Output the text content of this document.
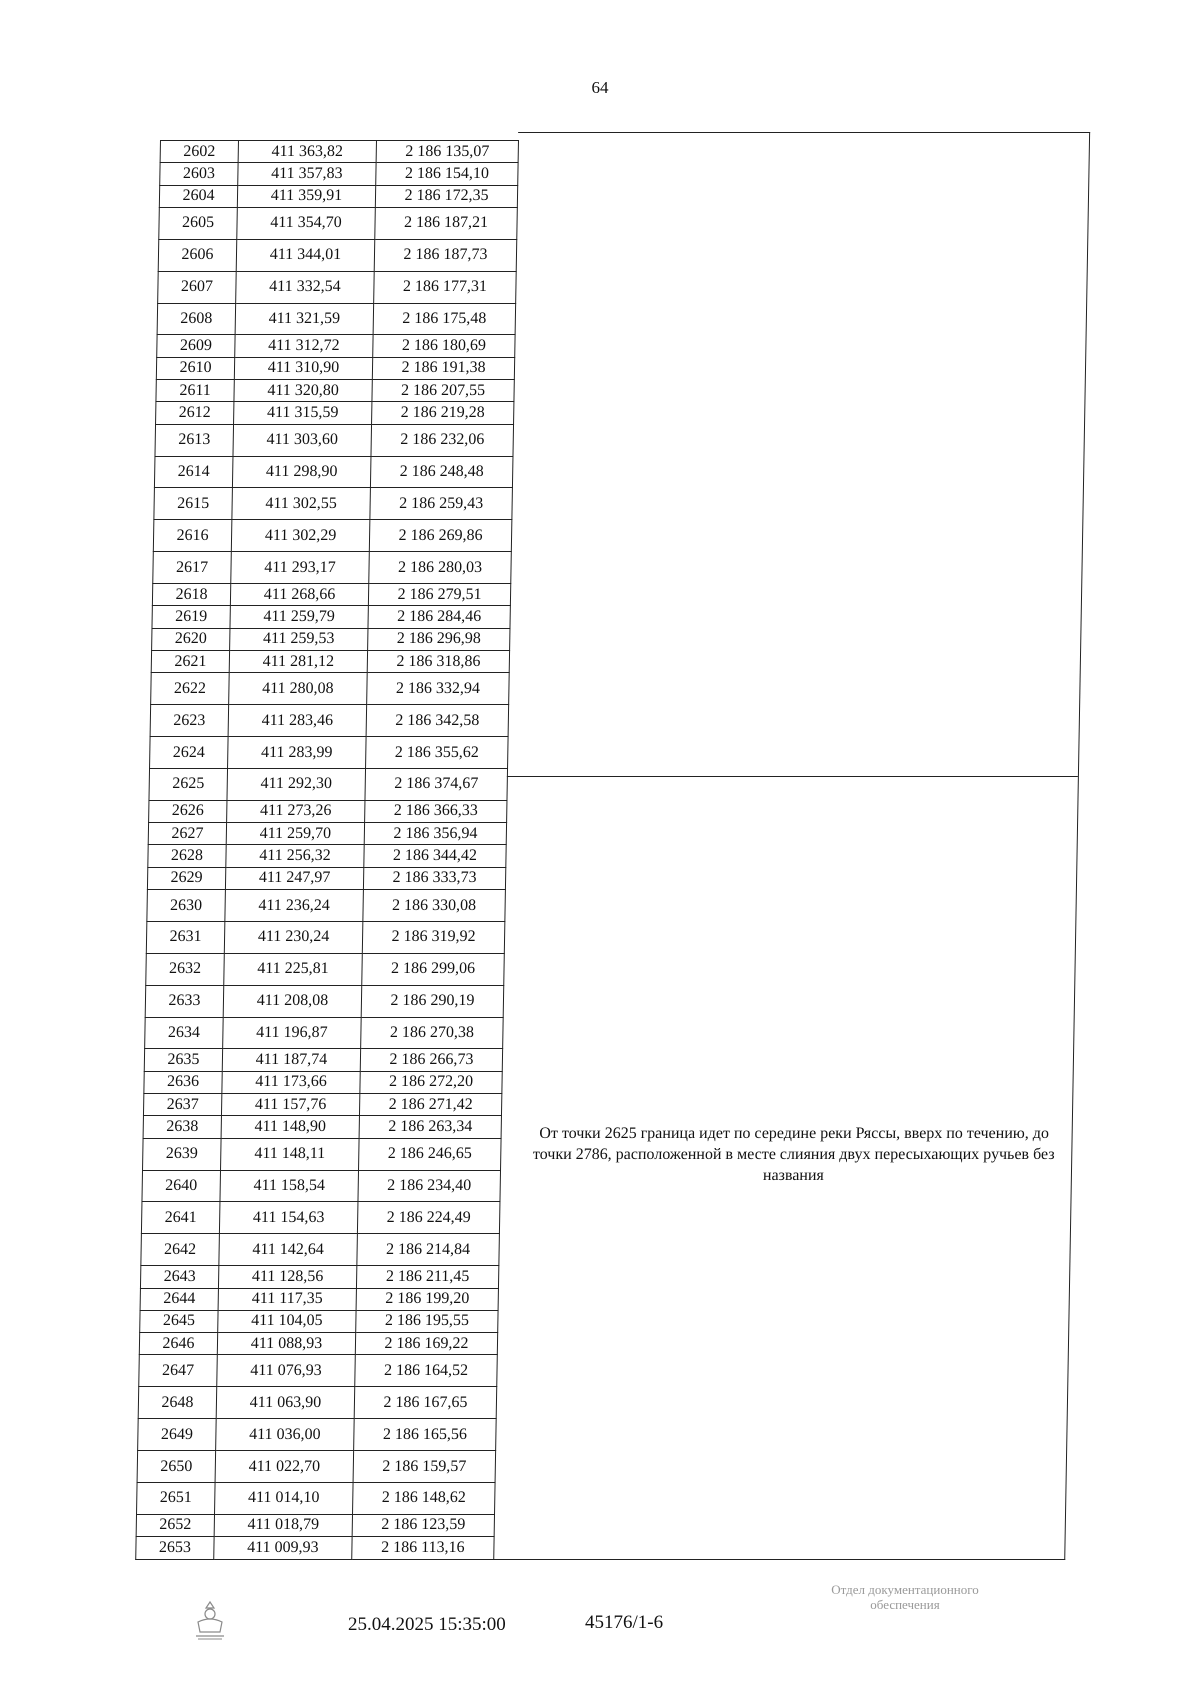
64
2602	411 363,82	2 186 135,07
2603	411 357,83	2 186 154,10
2604	411 359,91	2 186 172,35
2605	411 354,70	2 186 187,21
2606	411 344,01	2 186 187,73
2607	411 332,54	2 186 177,31
2608	411 321,59	2 186 175,48
2609	411 312,72	2 186 180,69
2610	411 310,90	2 186 191,38
2611	411 320,80	2 186 207,55
2612	411 315,59	2 186 219,28
2613	411 303,60	2 186 232,06
2614	411 298,90	2 186 248,48
2615	411 302,55	2 186 259,43
2616	411 302,29	2 186 269,86
2617	411 293,17	2 186 280,03
2618	411 268,66	2 186 279,51
2619	411 259,79	2 186 284,46
2620	411 259,53	2 186 296,98
2621	411 281,12	2 186 318,86
2622	411 280,08	2 186 332,94
2623	411 283,46	2 186 342,58
2624	411 283,99	2 186 355,62
2625	411 292,30	2 186 374,67
2626	411 273,26	2 186 366,33
2627	411 259,70	2 186 356,94
2628	411 256,32	2 186 344,42
2629	411 247,97	2 186 333,73
2630	411 236,24	2 186 330,08
2631	411 230,24	2 186 319,92
2632	411 225,81	2 186 299,06
2633	411 208,08	2 186 290,19
2634	411 196,87	2 186 270,38
2635	411 187,74	2 186 266,73
2636	411 173,66	2 186 272,20
2637	411 157,76	2 186 271,42
2638	411 148,90	2 186 263,34
2639	411 148,11	2 186 246,65
2640	411 158,54	2 186 234,40
2641	411 154,63	2 186 224,49
2642	411 142,64	2 186 214,84
2643	411 128,56	2 186 211,45
2644	411 117,35	2 186 199,20
2645	411 104,05	2 186 195,55
2646	411 088,93	2 186 169,22
2647	411 076,93	2 186 164,52
2648	411 063,90	2 186 167,65
2649	411 036,00	2 186 165,56
2650	411 022,70	2 186 159,57
2651	411 014,10	2 186 148,62
2652	411 018,79	2 186 123,59
2653	411 009,93	2 186 113,16
От точки 2625 граница идет по середине реки Ряссы, вверх по течению, до точки 2786, расположенной в месте слияния двух пересыхающих ручьев без названия
25.04.2025 15:35:00	45176/1-6
Отдел документационного
обеспечения
